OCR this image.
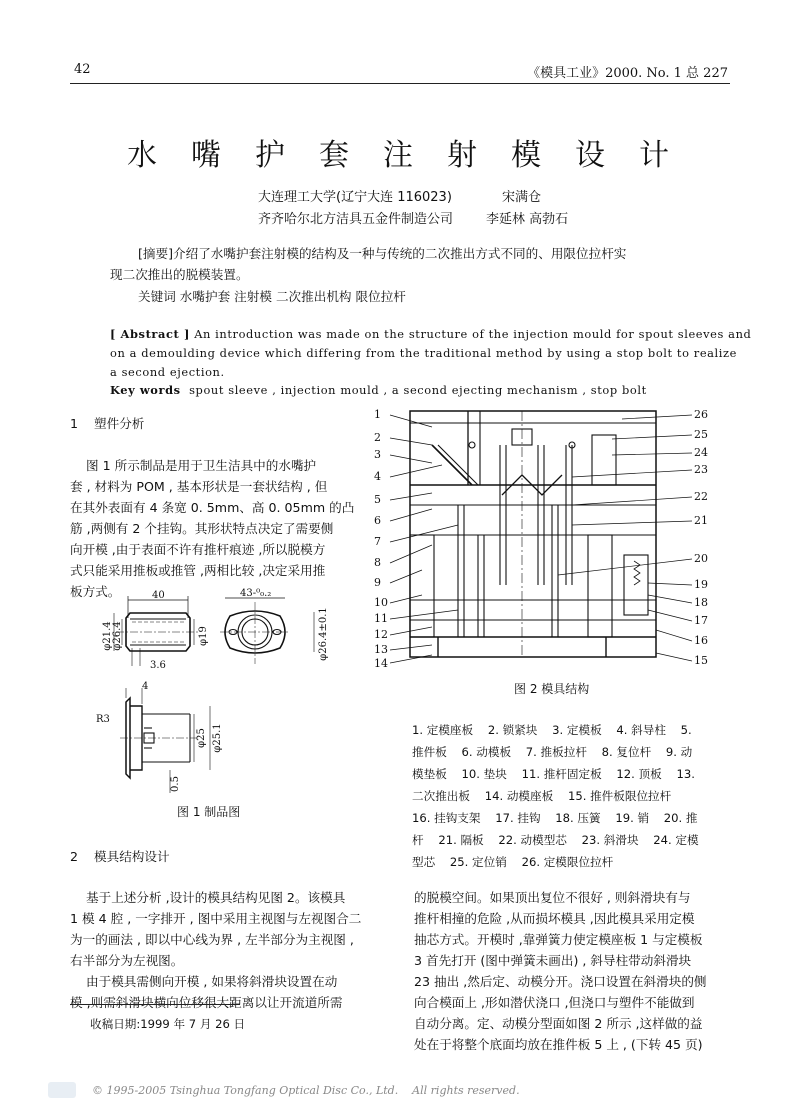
42	《模具工业》2000. No. 1 总 227
水嘴护套注射模设计
大连理工大学(辽宁大连 116023)	宋满仓
齐齐哈尔北方洁具五金件制造公司	李延林 高勃石
[摘要]介绍了水嘴护套注射模的结构及一种与传统的二次推出方式不同的、用限位拉杆实
现二次推出的脱模装置。
关键词 水嘴护套 注射模 二次推出机构 限位拉杆
[ Abstract ] An introduction was made on the structure of the injection mould for spout sleeves and
on a demoulding device which differing from the traditional method by using a stop bolt to realize
a second ejection.
Key words  spout sleeve , injection mould , a second ejecting mechanism , stop bolt
1    塑件分析

图 1 所示制品是用于卫生洁具中的水嘴护
套 , 材料为 POM , 基本形状是一套状结构 , 但
在其外表面有 4 条宽 0. 5mm、高 0. 05mm 的凸
筋 ,两侧有 2 个挂钩。其形状特点决定了需要侧
向开模 ,由于表面不许有推杆痕迹 ,所以脱模方
式只能采用推板或推管 ,两相比较 ,决定采用推
板方式。	40	43-⁰₀.₂
φ21.4 φ26.4	φ19	φ26.4±0.1
3.6
4
R3
φ25 φ25.1
0.5
图 1 制品图
1
2
3
4
5
6
7
8
9
10
11
12
13
14
26
25
24
23
22
21
20
19
18
17
16
15
图 2 模具结构

1. 定模座板    2. 锁紧块    3. 定模板    4. 斜导柱    5.
推件板    6. 动模板    7. 推板拉杆    8. 复位杆    9. 动
模垫板    10. 垫块    11. 推杆固定板    12. 顶板    13.
二次推出板    14. 动模座板    15. 推件板限位拉杆
16. 挂钩支架    17. 挂钩    18. 压簧    19. 销    20. 推
杆    21. 隔板    22. 动模型芯    23. 斜滑块    24. 定模
型芯    25. 定位销    26. 定模限位拉杆
2    模具结构设计

基于上述分析 ,设计的模具结构见图 2。该模具
1 模 4 腔 , 一字排开 , 图中采用主视图与左视图合二
为一的画法 , 即以中心线为界 , 左半部分为主视图 ,
右半部分为左视图。
由于模具需侧向开模 , 如果将斜滑块设置在动
模 ,则需斜滑块横向位移很大距离以让开流道所需

的脱模空间。如果顶出复位不很好 , 则斜滑块有与
推杆相撞的危险 ,从而损坏模具 ,因此模具采用定模
抽芯方式。开模时 ,靠弹簧力使定模座板 1 与定模板
3 首先打开 (图中弹簧未画出) , 斜导柱带动斜滑块
23 抽出 ,然后定、动模分开。浇口设置在斜滑块的侧
向合模面上 ,形如潜伏浇口 ,但浇口与塑件不能做到
自动分离。定、动模分型面如图 2 所示 ,这样做的益
处在于将整个底面均放在推件板 5 上 , (下转 45 页)
收稿日期:1999 年 7 月 26 日
© 1995-2005 Tsinghua Tongfang Optical Disc Co., Ltd.    All rights reserved.
